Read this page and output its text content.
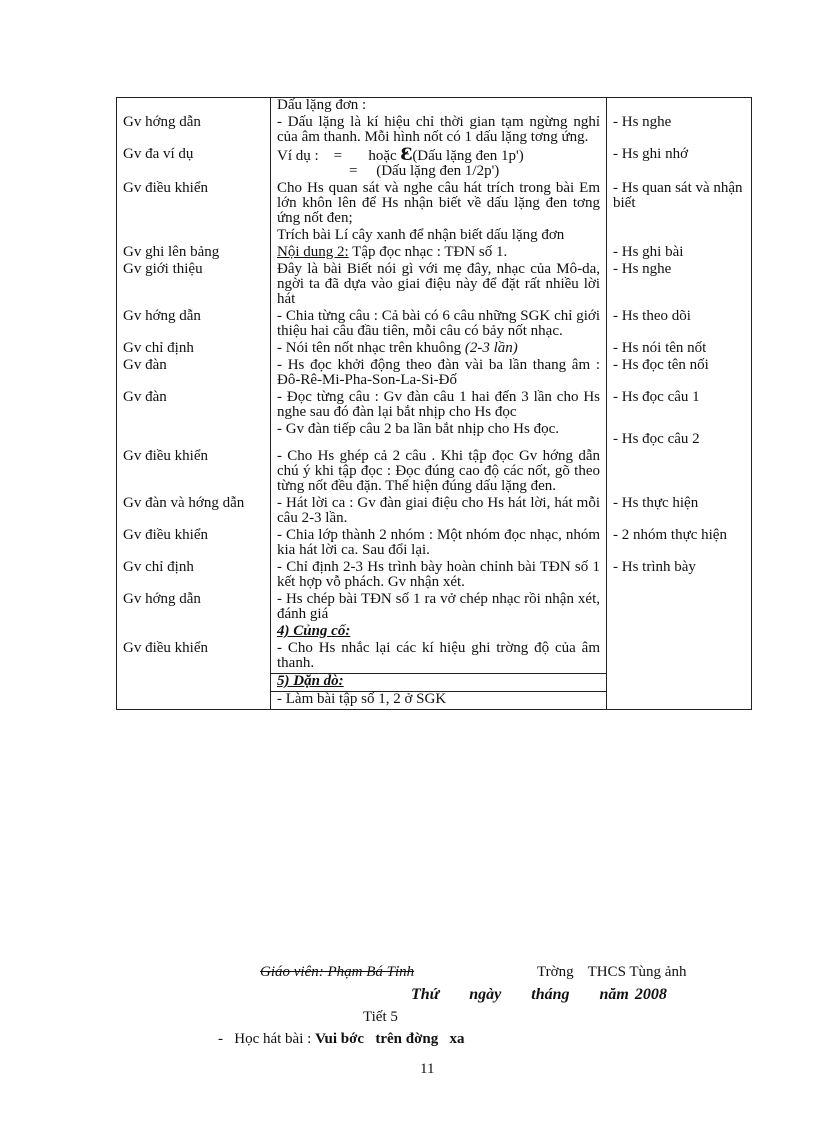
	Dấu lặng đơn :	
Gv hớng dẫn	- Dấu lặng là kí hiệu chỉ thời gian tạm ngừng nghỉ của âm thanh. Mỗi hình nốt có 1 dấu lặng tơng ứng.	- Hs nghe
Gv đa ví dụ	Ví dụ : = hoặc Ꜫ(Dấu lặng đen 1p')
= (Dấu lặng đen 1/2p')	- Hs ghi nhớ
Gv điều khiển	Cho Hs quan sát và nghe câu hát trích trong bài Em lớn khôn lên để Hs nhận biết về dấu lặng đen tơng ứng nốt đen;	- Hs quan sát và nhận biết
	Trích bài Lí cây xanh để nhận biết dấu lặng đơn	
Gv ghi lên bảng	Nội dung 2: Tập đọc nhạc : TĐN số 1.	- Hs ghi bài
Gv giới thiệu	Đây là bài Biết nói gì với mẹ đây, nhạc của Mô-da, ngời ta đã dựa vào giai điệu này để đặt rất nhiều lời hát	- Hs nghe
Gv hớng dẫn	- Chia từng câu : Cả bài có 6 câu những SGK chỉ giới thiệu hai câu đầu tiên, mỗi câu có bảy nốt nhạc.	- Hs theo dõi
Gv chỉ định	- Nói tên nốt nhạc trên khuông (2-3 lần)	- Hs nói tên nốt
Gv đàn	- Hs đọc khởi động theo đàn vài ba lần thang âm : Đô-Rê-Mi-Pha-Son-La-Si-Đố	- Hs đọc tên nối
Gv đàn	- Đọc từng câu : Gv đàn câu 1 hai đến 3 lần cho Hs nghe sau đó đàn lại bắt nhịp cho Hs đọc	- Hs đọc câu 1
	- Gv đàn tiếp câu 2 ba lần bắt nhịp cho Hs đọc.	- Hs đọc câu 2
Gv điều khiển	- Cho Hs ghép cả 2 câu . Khi tập đọc Gv hớng dẫn chú ý khi tập đọc : Đọc đúng cao độ các nốt, gõ theo từng nốt đều đặn. Thể hiện đúng dấu lặng đen.	
Gv đàn và hớng dẫn	- Hát lời ca : Gv đàn giai điệu cho Hs hát lời, hát mỗi câu 2-3 lần.	- Hs thực hiện
Gv điều khiển	- Chia lớp thành 2 nhóm : Một nhóm đọc nhạc, nhóm kia hát lời ca. Sau đổi lại.	- 2 nhóm thực hiện
Gv chỉ định	- Chỉ định 2-3 Hs trình bày hoàn chỉnh bài TĐN số 1 kết hợp vỗ phách. Gv nhận xét.	- Hs trình bày
Gv hớng dẫn	- Hs chép bài TĐN số 1 ra vở chép nhạc rồi nhận xét, đánh giá	
	4) Củng cố:	
Gv điều khiển	- Cho Hs nhắc lại các kí hiệu ghi trờng độ của âm thanh.	
	5) Dặn dò:	
	- Làm bài tập số 1, 2 ở SGK	
Giáo viên: Phạm Bá Tỉnh	Trờng THCS Tùng ảnh
Thứ     ngày     tháng     năm 2008
Tiết 5
-   Học hát bài : Vui bớc   trên đờng   xa
11
